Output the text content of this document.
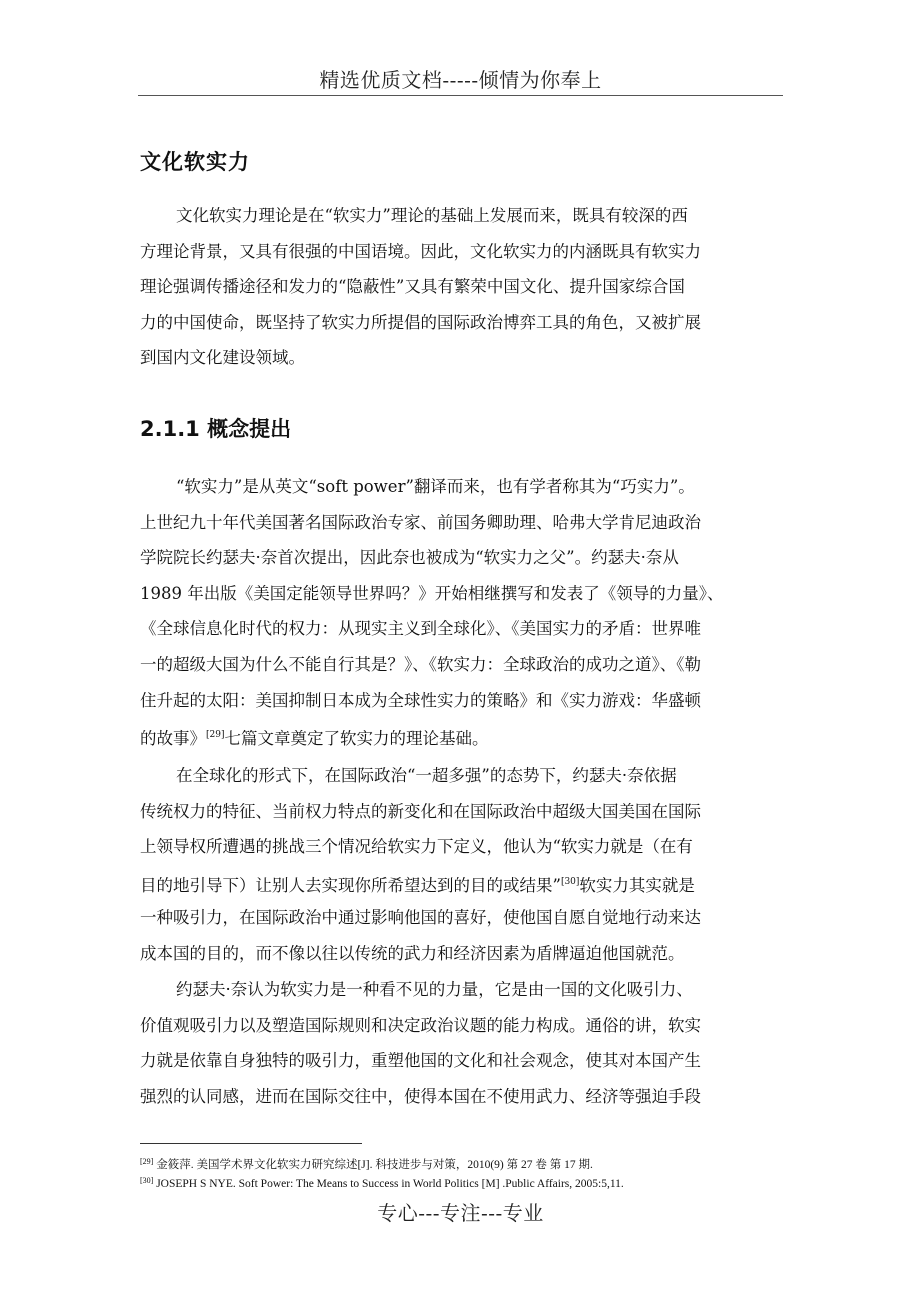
精选优质文档-----倾情为你奉上
文化软实力
文化软实力理论是在“软实力”理论的基础上发展而来，既具有较深的西
方理论背景，又具有很强的中国语境。因此，文化软实力的内涵既具有软实力
理论强调传播途径和发力的“隐蔽性”又具有繁荣中国文化、提升国家综合国
力的中国使命，既坚持了软实力所提倡的国际政治博弈工具的角色，又被扩展
到国内文化建设领域。
2.1.1 概念提出
“软实力”是从英文“soft power”翻译而来，也有学者称其为“巧实力”。
上世纪九十年代美国著名国际政治专家、前国务卿助理、哈弗大学肯尼迪政治
学院院长约瑟夫·奈首次提出，因此奈也被成为“软实力之父”。约瑟夫·奈从
1989 年出版《美国定能领导世界吗？》开始相继撰写和发表了《领导的力量》、
《全球信息化时代的权力：从现实主义到全球化》、《美国实力的矛盾：世界唯
一的超级大国为什么不能自行其是？》、《软实力：全球政治的成功之道》、《勒
住升起的太阳：美国抑制日本成为全球性实力的策略》和《实力游戏：华盛顿
的故事》[29]七篇文章奠定了软实力的理论基础。
在全球化的形式下，在国际政治“一超多强”的态势下，约瑟夫·奈依据
传统权力的特征、当前权力特点的新变化和在国际政治中超级大国美国在国际
上领导权所遭遇的挑战三个情况给软实力下定义，他认为“软实力就是（在有
目的地引导下）让别人去实现你所希望达到的目的或结果”[30]软实力其实就是
一种吸引力，在国际政治中通过影响他国的喜好，使他国自愿自觉地行动来达
成本国的目的，而不像以往以传统的武力和经济因素为盾牌逼迫他国就范。
约瑟夫·奈认为软实力是一种看不见的力量，它是由一国的文化吸引力、
价值观吸引力以及塑造国际规则和决定政治议题的能力构成。通俗的讲，软实
力就是依靠自身独特的吸引力，重塑他国的文化和社会观念，使其对本国产生
强烈的认同感，进而在国际交往中，使得本国在不使用武力、经济等强迫手段
[29] 金筱萍. 美国学术界文化软实力研究综述[J]. 科技进步与对策，2010(9) 第 27 卷 第 17 期.
[30] JOSEPH S NYE. Soft Power: The Means to Success in World Politics [M] .Public Affairs, 2005:5,11.
专心---专注---专业
